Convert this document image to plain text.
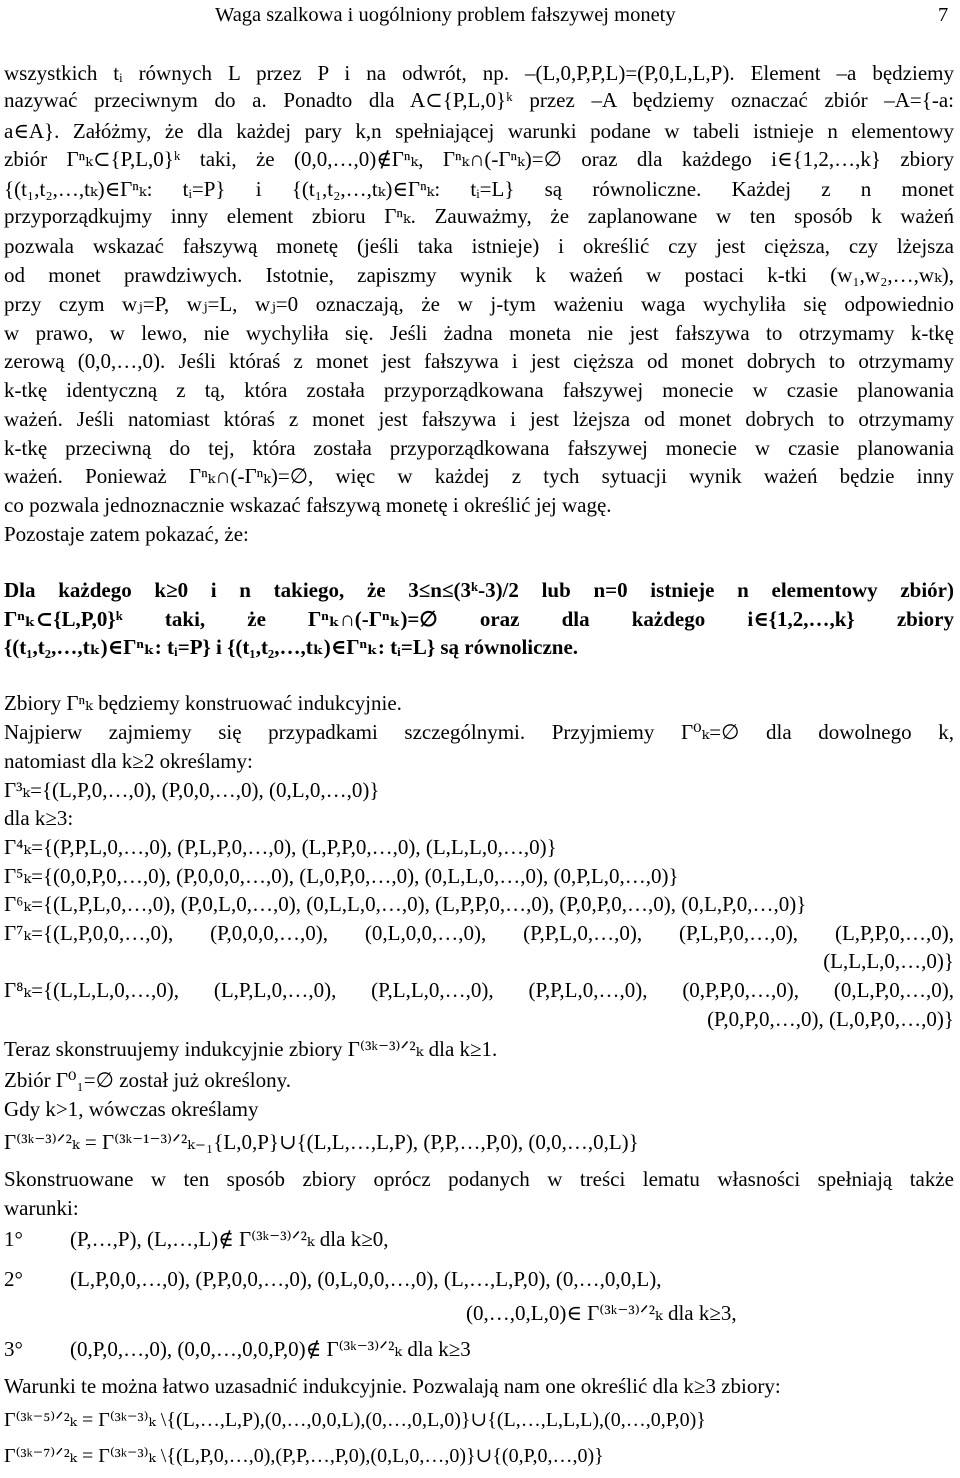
Waga szalkowa i uogólniony problem fałszywej monety	7
wszystkich tᵢ równych L przez P i na odwrót, np. –(L,0,P,P,L)=(P,0,L,L,P). Element –a będziemy
nazywać przeciwnym do a. Ponadto dla A⊂{P,L,0}ᵏ przez –A będziemy oznaczać zbiór –A={-a:
a∈A}. Załóżmy, że dla każdej pary k,n spełniającej warunki podane w tabeli istnieje n elementowy
zbiór Γⁿₖ⊂{P,L,0}ᵏ taki, że (0,0,…,0)∉Γⁿₖ, Γⁿₖ∩(-Γⁿₖ)=∅ oraz dla każdego i∈{1,2,…,k} zbiory
{(t₁,t₂,…,tₖ)∈Γⁿₖ: tᵢ=P} i {(t₁,t₂,…,tₖ)∈Γⁿₖ: tᵢ=L} są równoliczne. Każdej z n monet
przyporządkujmy inny element zbioru Γⁿₖ. Zauważmy, że zaplanowane w ten sposób k ważeń
pozwala wskazać fałszywą monetę (jeśli taka istnieje) i określić czy jest cięższa, czy lżejsza
od monet prawdziwych. Istotnie, zapiszmy wynik k ważeń w postaci k-tki (w₁,w₂,…,wₖ),
przy czym wⱼ=P, wⱼ=L, wⱼ=0 oznaczają, że w j-tym ważeniu waga wychyliła się odpowiednio
w prawo, w lewo, nie wychyliła się. Jeśli żadna moneta nie jest fałszywa to otrzymamy k-tkę
zerową (0,0,…,0). Jeśli któraś z monet jest fałszywa i jest cięższa od monet dobrych to otrzymamy
k-tkę identyczną z tą, która została przyporządkowana fałszywej monecie w czasie planowania
ważeń. Jeśli natomiast któraś z monet jest fałszywa i jest lżejsza od monet dobrych to otrzymamy
k-tkę przeciwną do tej, która została przyporządkowana fałszywej monecie w czasie planowania
ważeń. Ponieważ Γⁿₖ∩(-Γⁿₖ)=∅, więc w każdej z tych sytuacji wynik ważeń będzie inny
co pozwala jednoznacznie wskazać fałszywą monetę i określić jej wagę.
Pozostaje zatem pokazać, że:
Dla każdego k≥0 i n takiego, że 3≤n≤(3ᵏ-3)/2 lub n=0 istnieje n elementowy zbiór)
Γⁿₖ⊂{L,P,0}ᵏ taki, że Γⁿₖ∩(-Γⁿₖ)=∅ oraz dla każdego i∈{1,2,…,k} zbiory
{(t₁,t₂,…,tₖ)∈Γⁿₖ: tᵢ=P} i {(t₁,t₂,…,tₖ)∈Γⁿₖ: tᵢ=L} są równoliczne.
Zbiory Γⁿₖ będziemy konstruować indukcyjnie.
Najpierw zajmiemy się przypadkami szczególnymi. Przyjmiemy Γ⁰ₖ=∅ dla dowolnego k,
natomiast dla k≥2 określamy:
Γ³ₖ={(L,P,0,…,0), (P,0,0,…,0), (0,L,0,…,0)}
dla k≥3:
Γ⁴ₖ={(P,P,L,0,…,0), (P,L,P,0,…,0), (L,P,P,0,…,0), (L,L,L,0,…,0)}
Γ⁵ₖ={(0,0,P,0,…,0), (P,0,0,0,…,0), (L,0,P,0,…,0), (0,L,L,0,…,0), (0,P,L,0,…,0)}
Γ⁶ₖ={(L,P,L,0,…,0), (P,0,L,0,…,0), (0,L,L,0,…,0), (L,P,P,0,…,0), (P,0,P,0,…,0), (0,L,P,0,…,0)}
Γ⁷ₖ={(L,P,0,0,…,0), (P,0,0,0,…,0), (0,L,0,0,…,0), (P,P,L,0,…,0), (P,L,P,0,…,0), (L,P,P,0,…,0),
(L,L,L,0,…,0)}
Γ⁸ₖ={(L,L,L,0,…,0), (L,P,L,0,…,0), (P,L,L,0,…,0), (P,P,L,0,…,0), (0,P,P,0,…,0), (0,L,P,0,…,0),
(P,0,P,0,…,0), (L,0,P,0,…,0)}
Teraz skonstruujemy indukcyjnie zbiory Γ⁽³ᵏ⁻³⁾ᐟ²ₖ dla k≥1.
Zbiór Γ⁰₁=∅ został już określony.
Gdy k>1, wówczas określamy
Γ⁽³ᵏ⁻³⁾ᐟ²ₖ = Γ⁽³ᵏ⁻¹⁻³⁾ᐟ²ₖ₋₁{L,0,P}∪{(L,L,…,L,P), (P,P,…,P,0), (0,0,…,0,L)}
Skonstruowane w ten sposób zbiory oprócz podanych w treści lematu własności spełniają także
warunki:
1° (P,…,P), (L,…,L)∉ Γ⁽³ᵏ⁻³⁾ᐟ²ₖ dla k≥0,
2° (L,P,0,0,…,0), (P,P,0,0,…,0), (0,L,0,0,…,0), (L,…,L,P,0), (0,…,0,0,L),
(0,…,0,L,0)∈ Γ⁽³ᵏ⁻³⁾ᐟ²ₖ dla k≥3,
3° (0,P,0,…,0), (0,0,…,0,0,P,0)∉ Γ⁽³ᵏ⁻³⁾ᐟ²ₖ dla k≥3
Warunki te można łatwo uzasadnić indukcyjnie. Pozwalają nam one określić dla k≥3 zbiory:
Γ⁽³ᵏ⁻⁵⁾ᐟ²ₖ = Γ⁽³ᵏ⁻³⁾ₖ \{(L,…,L,P),(0,…,0,0,L),(0,…,0,L,0)}∪{(L,…,L,L,L),(0,…,0,P,0)}
Γ⁽³ᵏ⁻⁷⁾ᐟ²ₖ = Γ⁽³ᵏ⁻³⁾ₖ \{(L,P,0,…,0),(P,P,…,P,0),(0,L,0,…,0)}∪{(0,P,0,…,0)}
